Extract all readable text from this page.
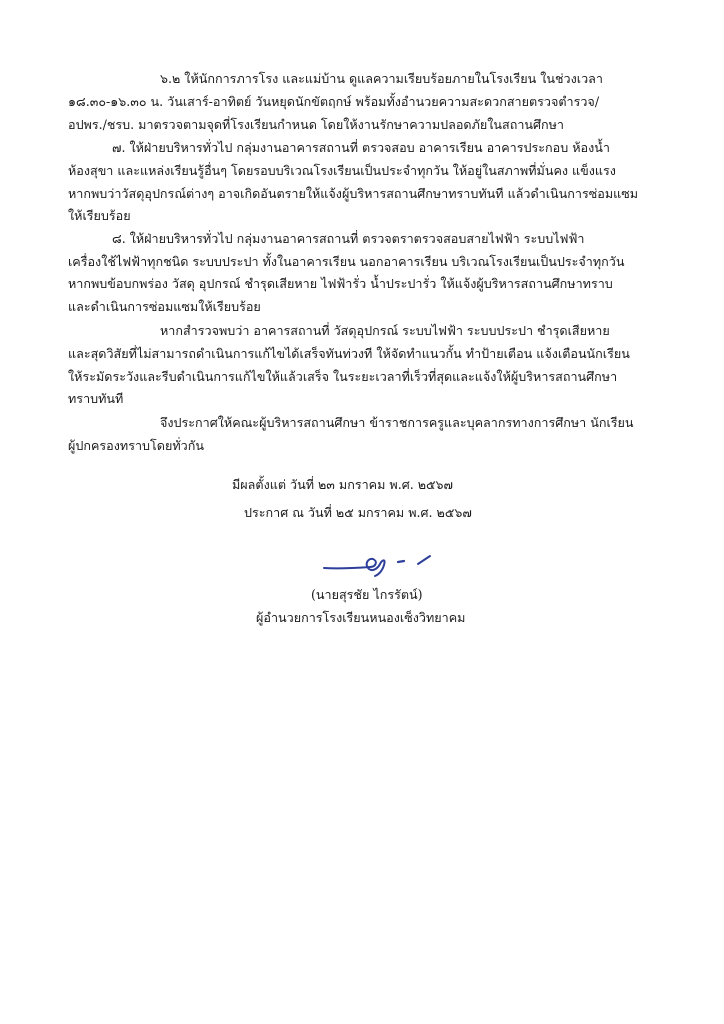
๖.๒ ให้นักการภารโรง และแม่บ้าน ดูแลความเรียบร้อยภายในโรงเรียน ในช่วงเวลา
๑๘.๓๐-๑๖.๓๐ น. วันเสาร์-อาทิตย์ วันหยุดนักขัตฤกษ์ พร้อมทั้งอำนวยความสะดวกสายตรวจตำรวจ/
อปพร./ชรบ. มาตรวจตามจุดที่โรงเรียนกำหนด โดยให้งานรักษาความปลอดภัยในสถานศึกษา
๗. ให้ฝ่ายบริหารทั่วไป กลุ่มงานอาคารสถานที่ ตรวจสอบ อาคารเรียน อาคารประกอบ ห้องน้ำ
ห้องสุขา และแหล่งเรียนรู้อื่นๆ โดยรอบบริเวณโรงเรียนเป็นประจำทุกวัน ให้อยู่ในสภาพที่มั่นคง แข็งแรง
หากพบว่าวัสดุอุปกรณ์ต่างๆ อาจเกิดอันตรายให้แจ้งผู้บริหารสถานศึกษาทราบทันที แล้วดำเนินการซ่อมแซม
ให้เรียบร้อย
๘. ให้ฝ่ายบริหารทั่วไป กลุ่มงานอาคารสถานที่ ตรวจตราตรวจสอบสายไฟฟ้า ระบบไฟฟ้า
เครื่องใช้ไฟฟ้าทุกชนิด ระบบประปา ทั้งในอาคารเรียน นอกอาคารเรียน บริเวณโรงเรียนเป็นประจำทุกวัน
หากพบข้อบกพร่อง วัสดุ อุปกรณ์ ชำรุดเสียหาย ไฟฟ้ารั่ว น้ำประปารั่ว ให้แจ้งผู้บริหารสถานศึกษาทราบ
และดำเนินการซ่อมแซมให้เรียบร้อย
หากสำรวจพบว่า อาคารสถานที่ วัสดุอุปกรณ์ ระบบไฟฟ้า ระบบประปา ชำรุดเสียหาย
และสุดวิสัยที่ไม่สามารถดำเนินการแก้ไขได้เสร็จทันท่วงที ให้จัดทำแนวกั้น ทำป้ายเตือน แจ้งเตือนนักเรียน
ให้ระมัดระวังและรีบดำเนินการแก้ไขให้แล้วเสร็จ ในระยะเวลาที่เร็วที่สุดและแจ้งให้ผู้บริหารสถานศึกษา
ทราบทันที
จึงประกาศให้คณะผู้บริหารสถานศึกษา ข้าราชการครูและบุคลากรทางการศึกษา นักเรียน
ผู้ปกครองทราบโดยทั่วกัน
มีผลตั้งแต่ วันที่ ๒๓ มกราคม พ.ศ. ๒๕๖๗
ประกาศ ณ วันที่ ๒๕ มกราคม พ.ศ. ๒๕๖๗
(นายสุรชัย ไกรรัตน์)
ผู้อำนวยการโรงเรียนหนองเซ็งวิทยาคม
